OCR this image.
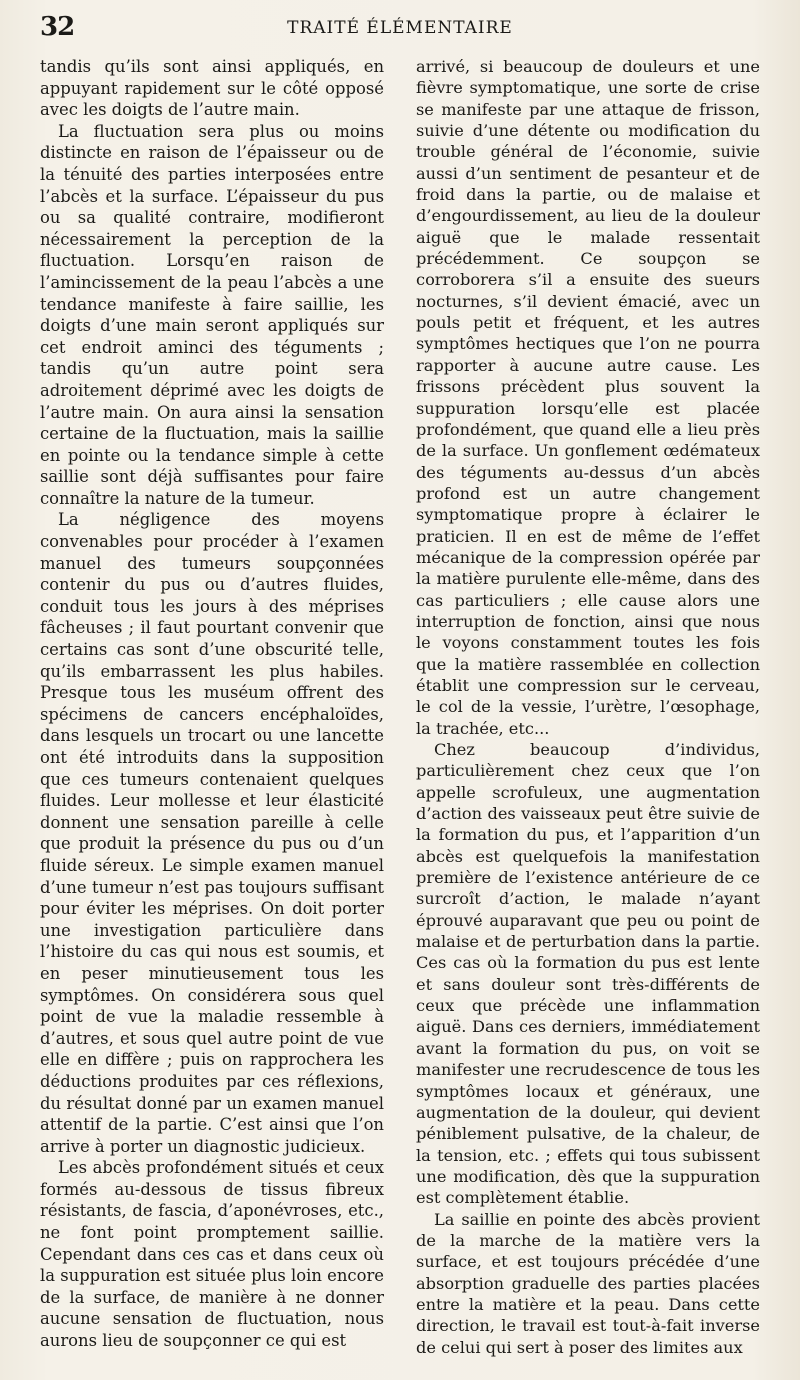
32	TRAITÉ ÉLÉMENTAIRE

tandis qu’ils sont ainsi appliqués, en appuyant rapidement sur le côté opposé avec les doigts de l’autre main.

La fluctuation sera plus ou moins distincte en raison de l’épaisseur ou de la ténuité des parties interposées entre l’abcès et la surface. L’épaisseur du pus ou sa qualité contraire, modifieront nécessairement la perception de la fluctuation. Lorsqu’en raison de l’amincissement de la peau l’abcès a une tendance manifeste à faire saillie, les doigts d’une main seront appliqués sur cet endroit aminci des téguments ; tandis qu’un autre point sera adroitement déprimé avec les doigts de l’autre main. On aura ainsi la sensation certaine de la fluctuation, mais la saillie en pointe ou la tendance simple à cette saillie sont déjà suffisantes pour faire connaître la nature de la tumeur.

La négligence des moyens convenables pour procéder à l’examen manuel des tumeurs soupçonnées contenir du pus ou d’autres fluides, conduit tous les jours à des méprises fâcheuses ; il faut pourtant convenir que certains cas sont d’une obscurité telle, qu’ils embarrassent les plus habiles. Presque tous les muséum offrent des spécimens de cancers encéphaloïdes, dans lesquels un trocart ou une lancette ont été introduits dans la supposition que ces tumeurs contenaient quelques fluides. Leur mollesse et leur élasticité donnent une sensation pareille à celle que produit la présence du pus ou d’un fluide séreux. Le simple examen manuel d’une tumeur n’est pas toujours suffisant pour éviter les méprises. On doit porter une investigation particulière dans l’histoire du cas qui nous est soumis, et en peser minutieusement tous les symptômes. On considérera sous quel point de vue la maladie ressemble à d’autres, et sous quel autre point de vue elle en diffère ; puis on rapprochera les déductions produites par ces réflexions, du résultat donné par un examen manuel attentif de la partie. C’est ainsi que l’on arrive à porter un diagnostic judicieux.

Les abcès profondément situés et ceux formés au-dessous de tissus fibreux résistants, de fascia, d’aponévroses, etc., ne font point promptement saillie. Cependant dans ces cas et dans ceux où la suppuration est située plus loin encore de la surface, de manière à ne donner aucune sensation de fluctuation, nous aurons lieu de soupçonner ce qui est

arrivé, si beaucoup de douleurs et une fièvre symptomatique, une sorte de crise se manifeste par une attaque de frisson, suivie d’une détente ou modification du trouble général de l’économie, suivie aussi d’un sentiment de pesanteur et de froid dans la partie, ou de malaise et d’engourdissement, au lieu de la douleur aiguë que le malade ressentait précédemment. Ce soupçon se corroborera s’il a ensuite des sueurs nocturnes, s’il devient émacié, avec un pouls petit et fréquent, et les autres symptômes hectiques que l’on ne pourra rapporter à aucune autre cause. Les frissons précèdent plus souvent la suppuration lorsqu’elle est placée profondément, que quand elle a lieu près de la surface. Un gonflement œdémateux des téguments au-dessus d’un abcès profond est un autre changement symptomatique propre à éclairer le praticien. Il en est de même de l’effet mécanique de la compression opérée par la matière purulente elle-même, dans des cas particuliers ; elle cause alors une interruption de fonction, ainsi que nous le voyons constamment toutes les fois que la matière rassemblée en collection établit une compression sur le cerveau, le col de la vessie, l’urètre, l’œsophage, la trachée, etc...

Chez beaucoup d’individus, particulièrement chez ceux que l’on appelle scrofuleux, une augmentation d’action des vaisseaux peut être suivie de la formation du pus, et l’apparition d’un abcès est quelquefois la manifestation première de l’existence antérieure de ce surcroît d’action, le malade n’ayant éprouvé auparavant que peu ou point de malaise et de perturbation dans la partie. Ces cas où la formation du pus est lente et sans douleur sont très-différents de ceux que précède une inflammation aiguë. Dans ces derniers, immédiatement avant la formation du pus, on voit se manifester une recrudescence de tous les symptômes locaux et généraux, une augmentation de la douleur, qui devient péniblement pulsative, de la chaleur, de la tension, etc. ; effets qui tous subissent une modification, dès que la suppuration est complètement établie.

La saillie en pointe des abcès provient de la marche de la matière vers la surface, et est toujours précédée d’une absorption graduelle des parties placées entre la matière et la peau. Dans cette direction, le travail est tout-à-fait inverse de celui qui sert à poser des limites aux
